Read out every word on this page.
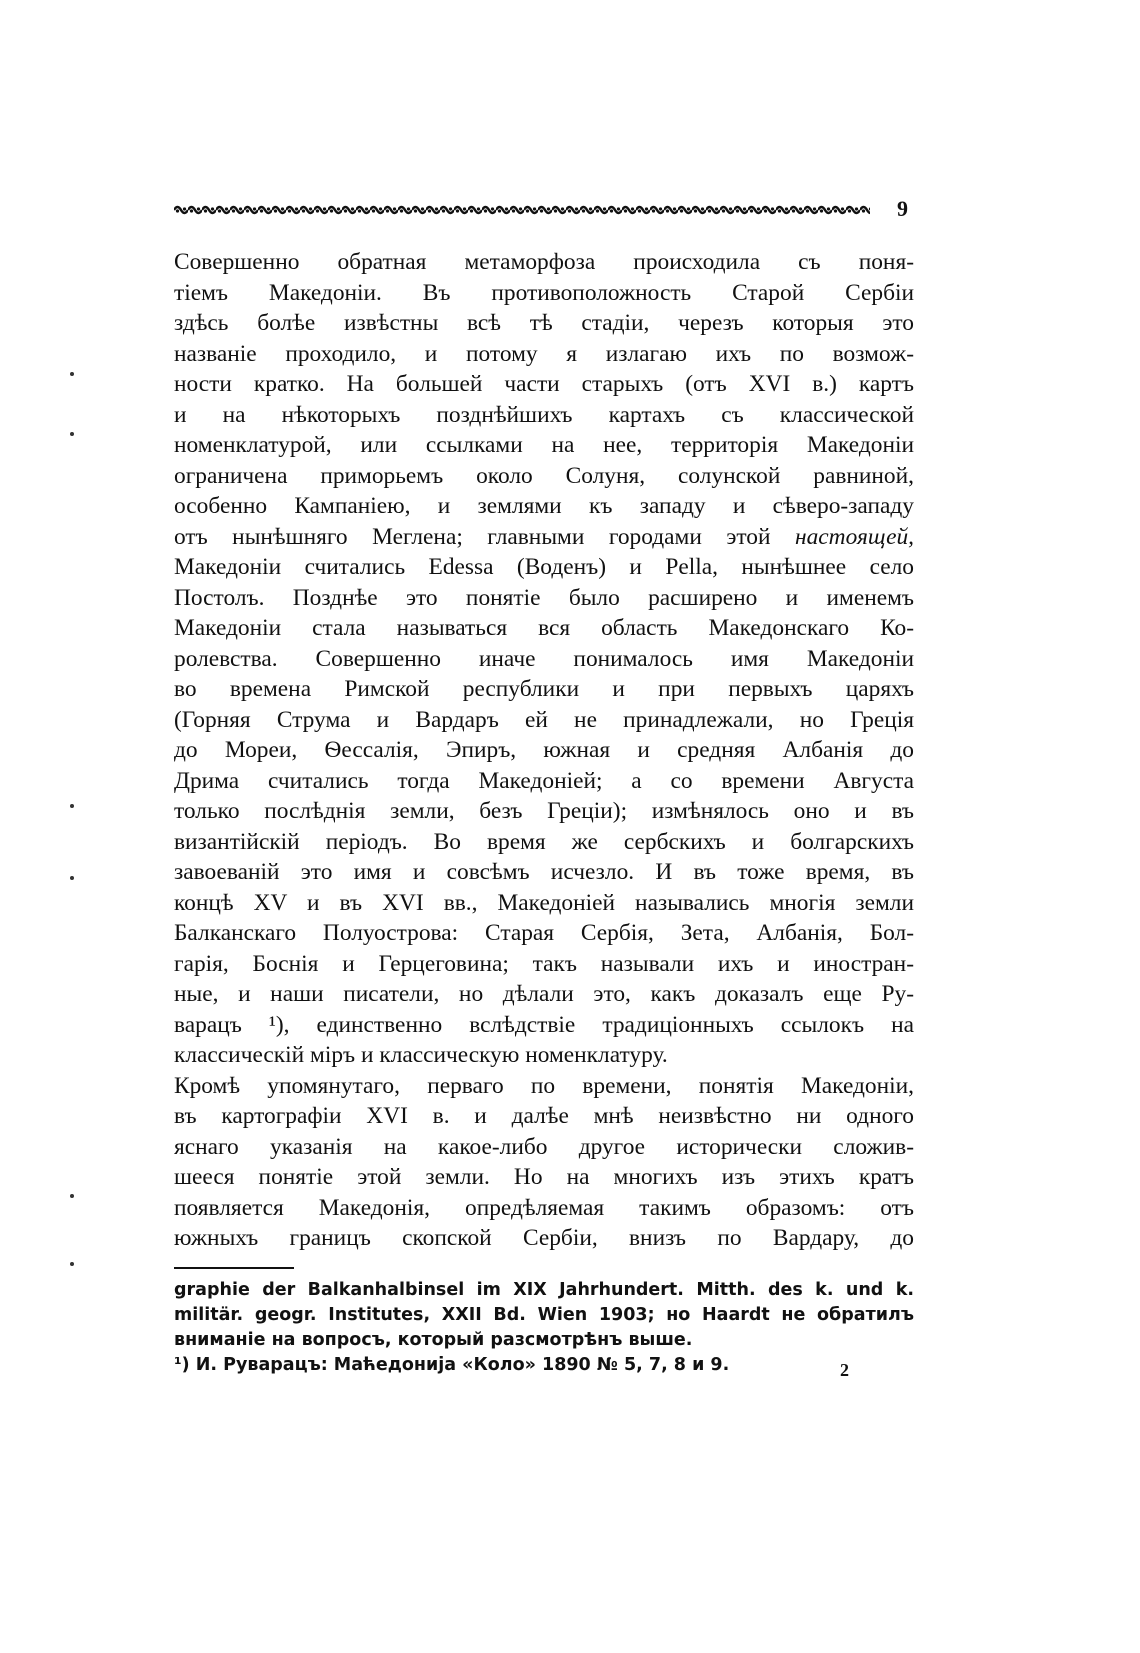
9
Совершенно обратная метаморфоза происходила съ поня-
тіемъ Македоніи. Въ противоположность Старой Сербіи
здѣсь болѣе извѣстны всѣ тѣ стадіи, черезъ которыя это
названіе проходило, и потому я излагаю ихъ по возмож-
ности кратко. На большей части старыхъ (отъ XVI в.) картъ
и на нѣкоторыхъ позднѣйшихъ картахъ съ классической
номенклатурой, или ссылками на нее, территорія Македоніи
ограничена приморьемъ около Солуня, солунской равниной,
особенно Кампаніею, и землями къ западу и сѣверо-западу
отъ нынѣшняго Меглена; главными городами этой настоящей,
Македоніи считались Edessa (Воденъ) и Pella, нынѣшнее село
Постолъ. Позднѣе это понятіе было расширено и именемъ
Македоніи стала называться вся область Македонскаго Ко-
ролевства. Совершенно иначе понималось имя Македоніи
во времена Римской республики и при первыхъ царяхъ
(Горняя Струма и Вардаръ ей не принадлежали, но Грецiя
до Мореи, Ѳессалія, Эпиръ, южная и средняя Албанія до
Дрима считались тогда Македоніей; а со времени Августа
только послѣднія земли, безъ Греціи); измѣнялось оно и въ
византійскій періодъ. Во время же сербскихъ и болгарскихъ
завоеваній это имя и совсѣмъ исчезло. И въ тоже время, въ
концѣ XV и въ XVI вв., Македоніей назывались многія земли
Балканскаго Полуострова: Старая Сербія, Зета, Албанія, Бол-
гарія, Боснія и Герцеговина; такъ называли ихъ и иностран-
ные, и наши писатели, но дѣлали это, какъ доказалъ еще Ру-
варацъ ¹), единственно вслѣдствіе традиціонныхъ ссылокъ на
классическій міръ и классическую номенклатуру.
Кромѣ упомянутаго, перваго по времени, понятія Македоніи,
въ картографіи XVI в. и далѣе мнѣ неизвѣстно ни одного
яснаго указанія на какое-либо другое исторически сложив-
шееся понятіе этой земли. Но на многихъ изъ этихъ кратъ
появляется Македонія, опредѣляемая такимъ образомъ: отъ
южныхъ границъ скопской Сербіи, внизъ по Вардару, до
graphie der Balkanhalbinsel im XIX Jahrhundert. Mitth. des k. und k.
militär. geogr. Institutes, XXII Bd. Wien 1903; но Haardt не обратилъ
вниманіе на вопросъ, который разсмотрѣнъ выше.
¹) И. Руварацъ: Маћедонија «Коло» 1890 № 5, 7, 8 и 9.	2
